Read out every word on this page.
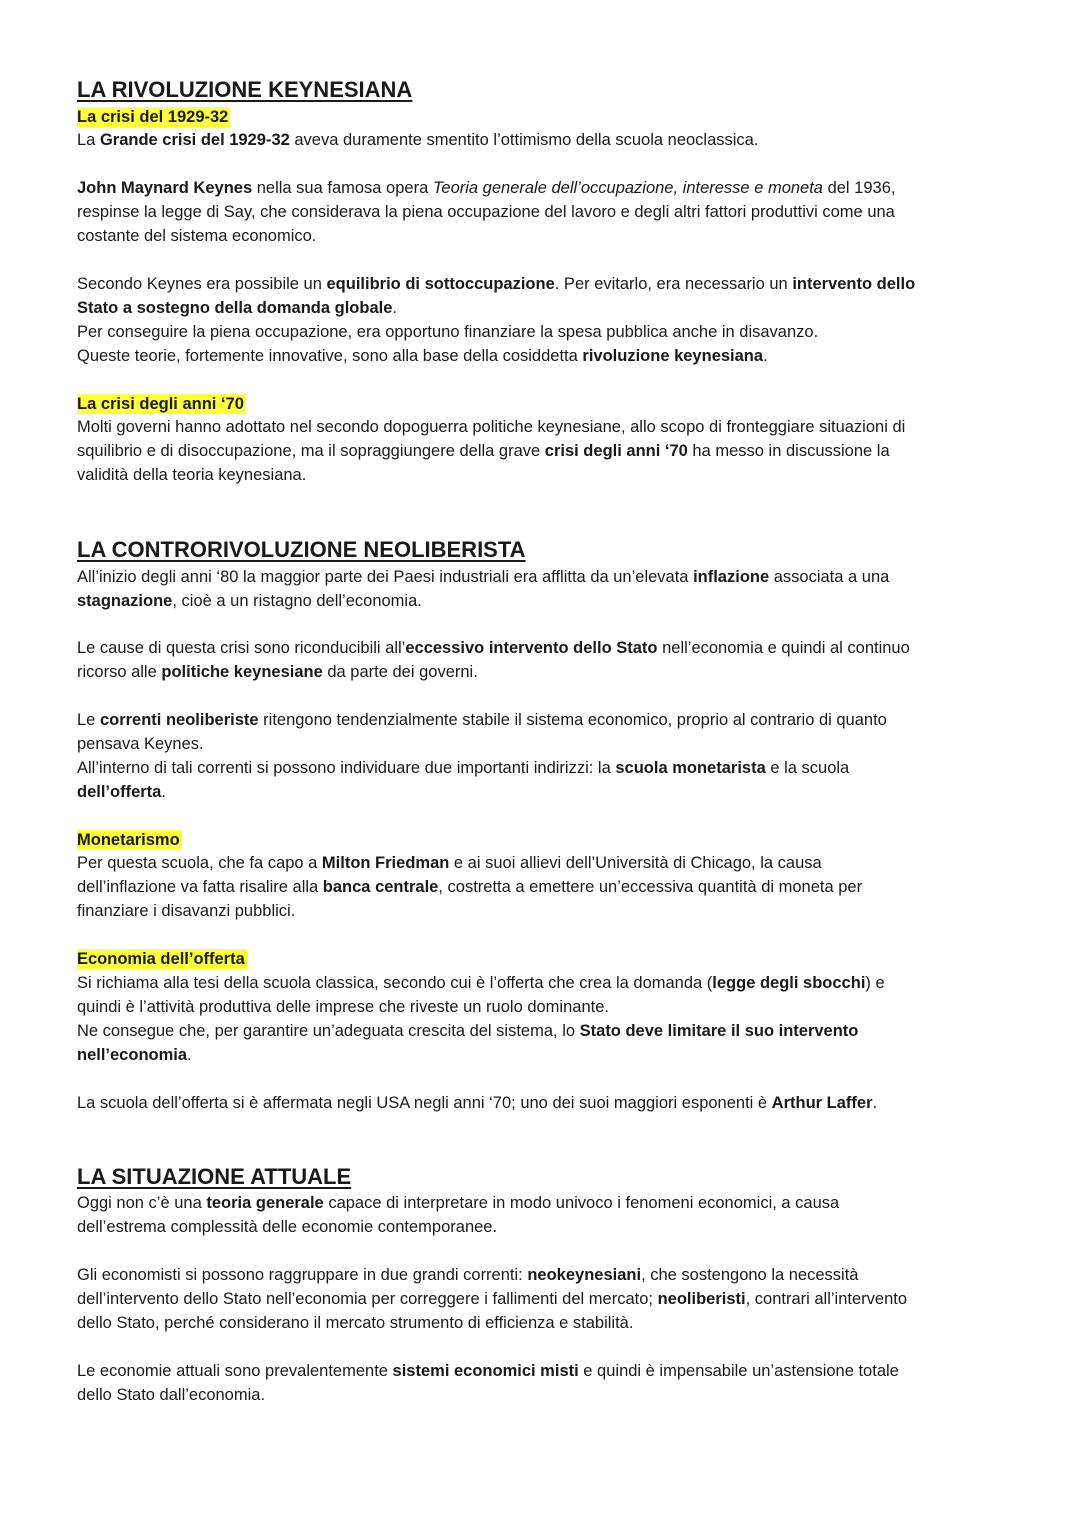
LA RIVOLUZIONE KEYNESIANA
La crisi del 1929-32

La Grande crisi del 1929-32 aveva duramente smentito l’ottimismo della scuola neoclassica.

John Maynard Keynes nella sua famosa opera Teoria generale dell’occupazione, interesse e moneta del 1936,
respinse la legge di Say, che considerava la piena occupazione del lavoro e degli altri fattori produttivi come una
costante del sistema economico.

Secondo Keynes era possibile un equilibrio di sottoccupazione. Per evitarlo, era necessario un intervento dello
Stato a sostegno della domanda globale.
Per conseguire la piena occupazione, era opportuno finanziare la spesa pubblica anche in disavanzo.
Queste teorie, fortemente innovative, sono alla base della cosiddetta rivoluzione keynesiana.

La crisi degli anni ‘70

Molti governi hanno adottato nel secondo dopoguerra politiche keynesiane, allo scopo di fronteggiare situazioni di
squilibrio e di disoccupazione, ma il sopraggiungere della grave crisi degli anni ‘70 ha messo in discussione la
validità della teoria keynesiana.

LA CONTRORIVOLUZIONE NEOLIBERISTA

All’inizio degli anni ‘80 la maggior parte dei Paesi industriali era afflitta da un’elevata inflazione associata a una
stagnazione, cioè a un ristagno dell’economia.

Le cause di questa crisi sono riconducibili all’eccessivo intervento dello Stato nell’economia e quindi al continuo
ricorso alle politiche keynesiane da parte dei governi.

Le correnti neoliberiste ritengono tendenzialmente stabile il sistema economico, proprio al contrario di quanto
pensava Keynes.
All’interno di tali correnti si possono individuare due importanti indirizzi: la scuola monetarista e la scuola
dell’offerta.

Monetarismo

Per questa scuola, che fa capo a Milton Friedman e ai suoi allievi dell’Università di Chicago, la causa
dell’inflazione va fatta risalire alla banca centrale, costretta a emettere un’eccessiva quantità di moneta per
finanziare i disavanzi pubblici.

Economia dell’offerta

Si richiama alla tesi della scuola classica, secondo cui è l’offerta che crea la domanda (legge degli sbocchi) e
quindi è l’attività produttiva delle imprese che riveste un ruolo dominante.
Ne consegue che, per garantire un’adeguata crescita del sistema, lo Stato deve limitare il suo intervento
nell’economia.

La scuola dell’offerta si è affermata negli USA negli anni ‘70; uno dei suoi maggiori esponenti è Arthur Laffer.

LA SITUAZIONE ATTUALE

Oggi non c’è una teoria generale capace di interpretare in modo univoco i fenomeni economici, a causa
dell’estrema complessità delle economie contemporanee.

Gli economisti si possono raggruppare in due grandi correnti: neokeynesiani, che sostengono la necessità
dell’intervento dello Stato nell’economia per correggere i fallimenti del mercato; neoliberisti, contrari all’intervento
dello Stato, perché considerano il mercato strumento di efficienza e stabilità.

Le economie attuali sono prevalentemente sistemi economici misti e quindi è impensabile un’astensione totale
dello Stato dall’economia.
